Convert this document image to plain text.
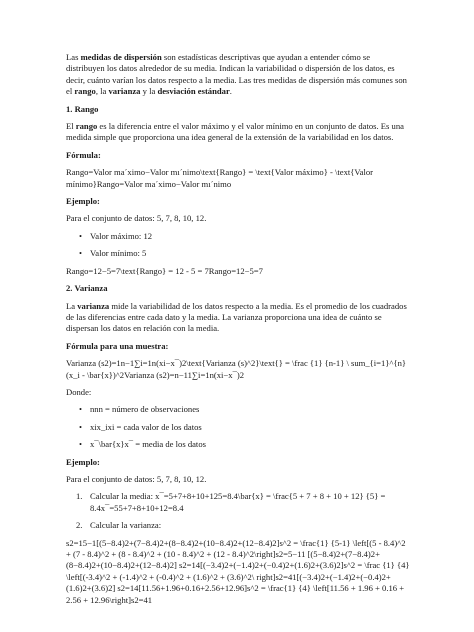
Las medidas de dispersión son estadísticas descriptivas que ayudan a entender cómo se distribuyen los datos alrededor de su media. Indican la variabilidad o dispersión de los datos, es decir, cuánto varían los datos respecto a la media. Las tres medidas de dispersión más comunes son el rango, la varianza y la desviación estándar.

1. Rango

El rango es la diferencia entre el valor máximo y el valor mínimo en un conjunto de datos. Es una medida simple que proporciona una idea general de la extensión de la variabilidad en los datos.

Fórmula:

Rango=Valor ma´ximo−Valor mı´nimo\text{Rango} = \text{Valor máximo} - \text{Valor mínimo}Rango=Valor ma´ximo−Valor mı´nimo

Ejemplo:

Para el conjunto de datos: 5, 7, 8, 10, 12.

• Valor máximo: 12
• Valor mínimo: 5

Rango=12−5=7\text{Rango} = 12 - 5 = 7Rango=12−5=7

2. Varianza

La varianza mide la variabilidad de los datos respecto a la media. Es el promedio de los cuadrados de las diferencias entre cada dato y la media. La varianza proporciona una idea de cuánto se dispersan los datos en relación con la media.

Fórmula para una muestra:

Varianza (s2)=1n−1∑i=1n(xi−x¯)2\text{Varianza (s)^2}\text{} = \frac {1} {n-1} \ sum_{i=1}^{n} (x_i - \bar{x})^2Varianza (s2)=n−11∑i=1n(xi−x¯)2

Donde:

• nnn = número de observaciones
• xix_ixi = cada valor de los datos
• x¯\bar{x}x¯ = media de los datos
Ejemplo:

Para el conjunto de datos: 5, 7, 8, 10, 12.

1. Calcular la media: x¯=5+7+8+10+125=8.4\bar{x} = \frac{5 + 7 + 8 + 10 + 12} {5} = 8.4x¯=55+7+8+10+12=8.4
2. Calcular la varianza:

s2=15−1[(5−8.4)2+(7−8.4)2+(8−8.4)2+(10−8.4)2+(12−8.4)2]s^2 = \frac{1} {5-1} \left[(5 - 8.4)^2 + (7 - 8.4)^2 + (8 - 8.4)^2 + (10 - 8.4)^2 + (12 - 8.4)^2\right]s2=5−11 [(5−8.4)2+(7−8.4)2+(8−8.4)2+(10−8.4)2+(12−8.4)2] s2=14[(−3.4)2+(−1.4)2+(−0.4)2+(1.6)2+(3.6)2]s^2 = \frac {1} {4} \left[(-3.4)^2 + (-1.4)^2 + (-0.4)^2 + (1.6)^2 + (3.6)^2\ right]s2=41[(−3.4)2+(−1.4)2+(−0.4)2+(1.6)2+(3.6)2] s2=14[11.56+1.96+0.16+2.56+12.96]s^2 = \frac{1} {4} \left[11.56 + 1.96 + 0.16 + 2.56 + 12.96\right]s2=41
